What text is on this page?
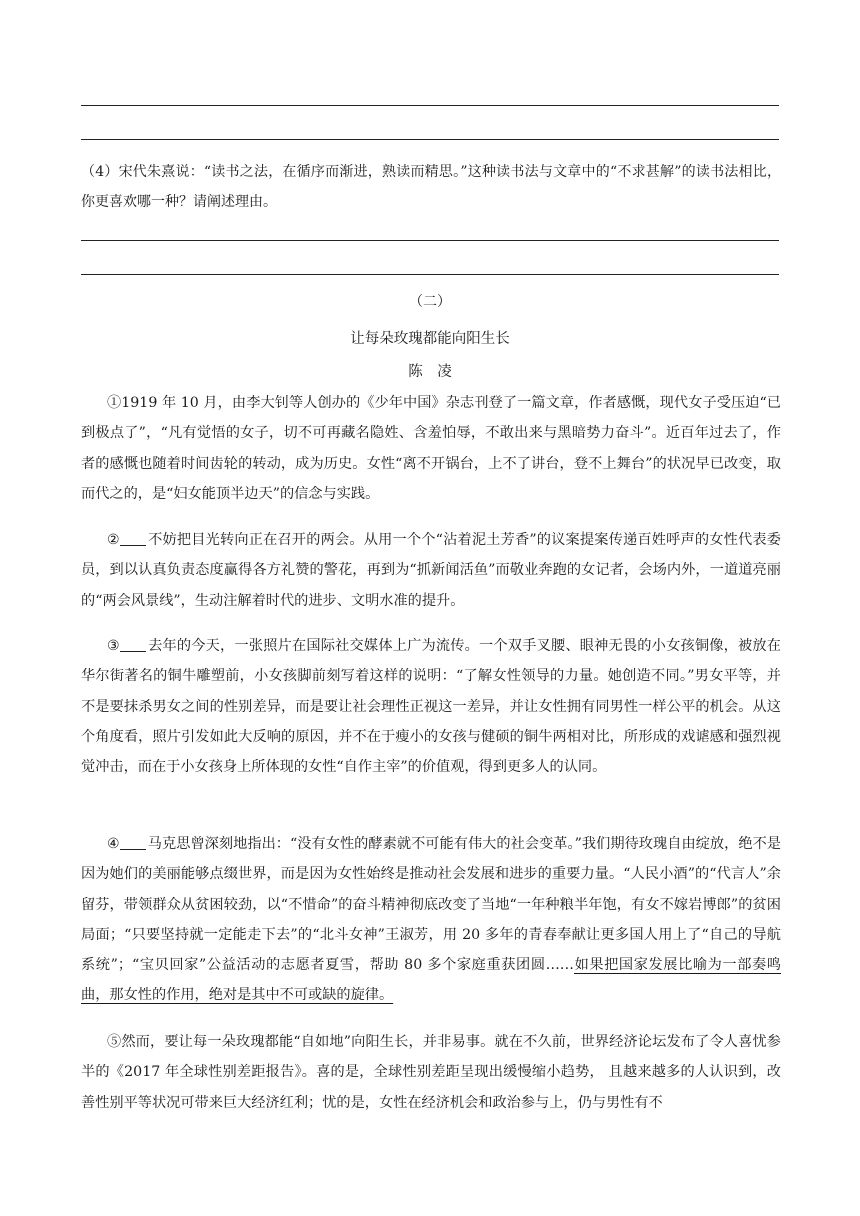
（4）宋代朱熹说：“读书之法，在循序而渐进，熟读而精思。”这种读书法与文章中的“不求甚解”的读书法相比，你更喜欢哪一种？请阐述理由。
（二）
让每朵玫瑰都能向阳生长
陈　凌
①1919 年 10 月，由李大钊等人创办的《少年中国》杂志刊登了一篇文章，作者感慨，现代女子受压迫“已到极点了”，“凡有觉悟的女子，切不可再藏名隐姓、含羞怕辱，不敢出来与黑暗势力奋斗”。近百年过去了，作者的感慨也随着时间齿轮的转动，成为历史。女性“离不开锅台，上不了讲台，登不上舞台”的状况早已改变，取而代之的，是“妇女能顶半边天”的信念与实践。
② 不妨把目光转向正在召开的两会。从用一个个“沾着泥土芳香”的议案提案传递百姓呼声的女性代表委员，到以认真负责态度赢得各方礼赞的警花，再到为“抓新闻活鱼”而敬业奔跑的女记者，会场内外，一道道亮丽的“两会风景线”，生动注解着时代的进步、文明水准的提升。
③ 去年的今天，一张照片在国际社交媒体上广为流传。一个双手叉腰、眼神无畏的小女孩铜像，被放在华尔街著名的铜牛雕塑前，小女孩脚前刻写着这样的说明：“了解女性领导的力量。她创造不同。”男女平等，并不是要抹杀男女之间的性别差异，而是要让社会理性正视这一差异，并让女性拥有同男性一样公平的机会。从这个角度看，照片引发如此大反响的原因，并不在于瘦小的女孩与健硕的铜牛两相对比，所形成的戏谑感和强烈视觉冲击，而在于小女孩身上所体现的女性“自作主宰”的价值观，得到更多人的认同。
④ 马克思曾深刻地指出：“没有女性的酵素就不可能有伟大的社会变革。”我们期待玫瑰自由绽放，绝不是因为她们的美丽能够点缀世界，而是因为女性始终是推动社会发展和进步的重要力量。“人民小酒”的“代言人”余留芬，带领群众从贫困较劲，以“不惜命”的奋斗精神彻底改变了当地“一年种粮半年饱，有女不嫁岩博郎”的贫困局面；“只要坚持就一定能走下去”的“北斗女神”王淑芳，用 20 多年的青春奉献让更多国人用上了“自己的导航系统”；“宝贝回家”公益活动的志愿者夏雪，帮助 80 多个家庭重获团圆……如果把国家发展比喻为一部奏鸣曲，那女性的作用，绝对是其中不可或缺的旋律。
⑤然而，要让每一朵玫瑰都能“自如地”向阳生长，并非易事。就在不久前，世界经济论坛发布了令人喜忧参半的《2017 年全球性别差距报告》。喜的是，全球性别差距呈现出缓慢缩小趋势， 且越来越多的人认识到，改善性别平等状况可带来巨大经济红利；忧的是，女性在经济机会和政治参与上，仍与男性有不
